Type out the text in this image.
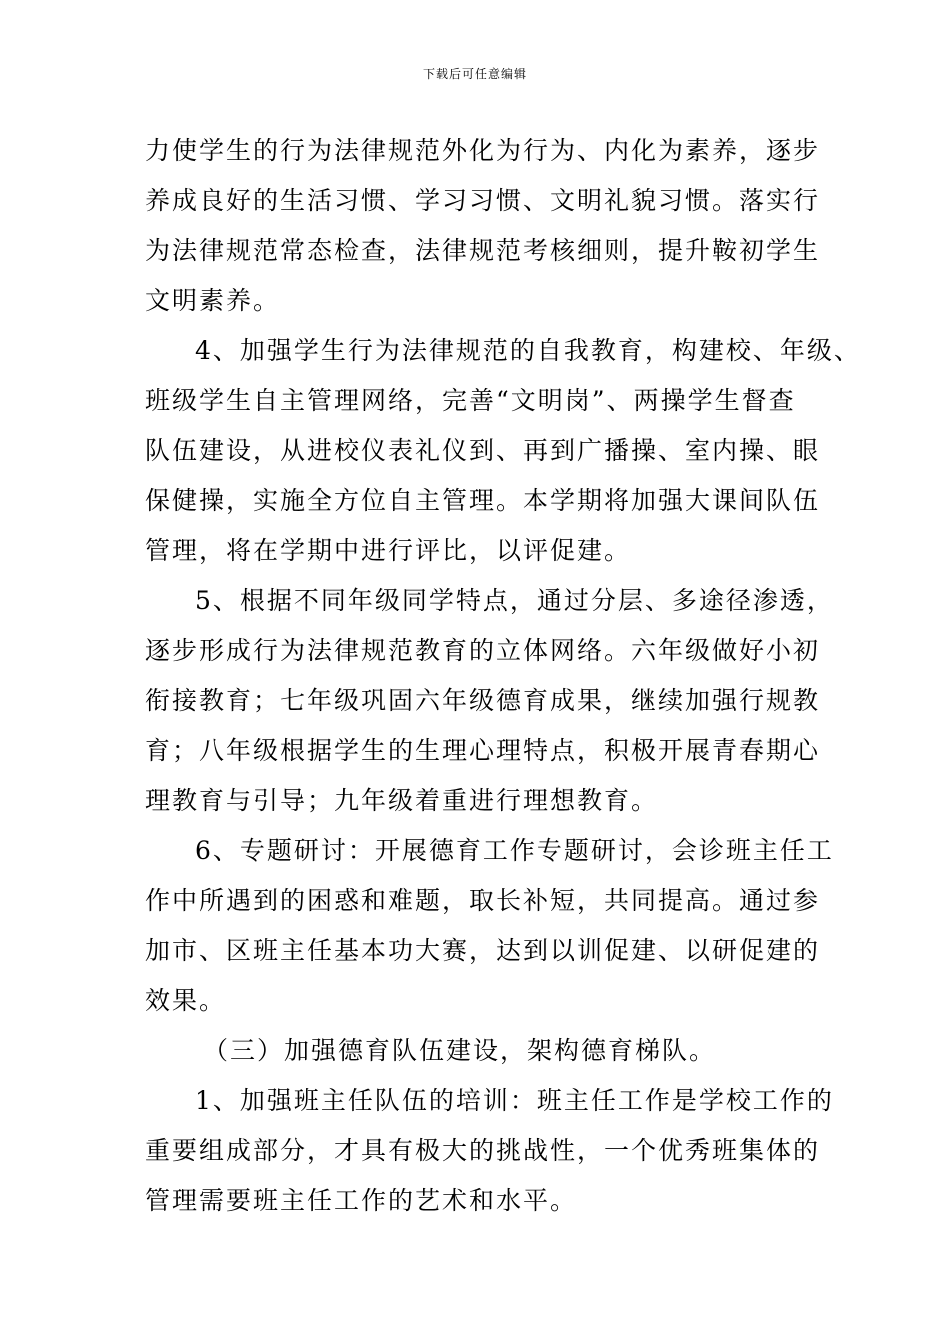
下载后可任意编辑
力使学生的行为法律规范外化为行为、内化为素养，逐步
养成良好的生活习惯、学习习惯、文明礼貌习惯。落实行
为法律规范常态检查，法律规范考核细则，提升鞍初学生
文明素养。
4、加强学生行为法律规范的自我教育，构建校、年级、
班级学生自主管理网络，完善“文明岗”、两操学生督查
队伍建设，从进校仪表礼仪到、再到广播操、室内操、眼
保健操，实施全方位自主管理。本学期将加强大课间队伍
管理，将在学期中进行评比，以评促建。
5、根据不同年级同学特点，通过分层、多途径渗透，
逐步形成行为法律规范教育的立体网络。六年级做好小初
衔接教育；七年级巩固六年级德育成果，继续加强行规教
育；八年级根据学生的生理心理特点，积极开展青春期心
理教育与引导；九年级着重进行理想教育。
6、专题研讨：开展德育工作专题研讨，会诊班主任工
作中所遇到的困惑和难题，取长补短，共同提高。通过参
加市、区班主任基本功大赛，达到以训促建、以研促建的
效果。
（三）加强德育队伍建设，架构德育梯队。
1、加强班主任队伍的培训：班主任工作是学校工作的
重要组成部分，才具有极大的挑战性，一个优秀班集体的
管理需要班主任工作的艺术和水平。
